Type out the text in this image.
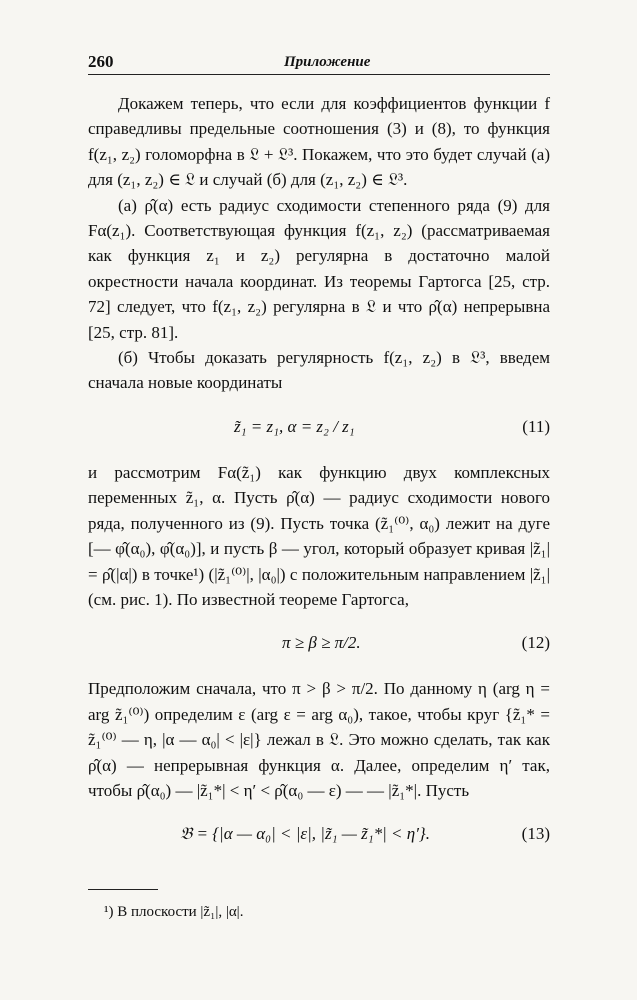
260	Приложение

Докажем теперь, что если для коэффициентов функции f справедливы предельные соотношения (3) и (8), то функция f(z₁, z₂) голоморфна в 𝔏 + 𝔏³. Покажем, что это будет случай (а) для (z₁, z₂) ∈ 𝔏 и случай (б) для (z₁, z₂) ∈ 𝔏³.

(а) ρ̂(α) есть радиус сходимости степенного ряда (9) для Fα(z₁). Соответствующая функция f(z₁, z₂) (рассматриваемая как функция z₁ и z₂) регулярна в достаточно малой окрестности начала координат. Из теоремы Гартогса [25, стр. 72] следует, что f(z₁, z₂) регулярна в 𝔏 и что ρ̂(α) непрерывна [25, стр. 81].

(б) Чтобы доказать регулярность f(z₁, z₂) в 𝔏³, введем сначала новые координаты

z̃₁ = z₁, α = z₂ / z₁	(11)

и рассмотрим Fα(z̃₁) как функцию двух комплексных переменных z̃₁, α. Пусть ρ̂(α) — радиус сходимости нового ряда, полученного из (9). Пусть точка (z̃₁⁽⁰⁾, α₀) лежит на дуге [— φ̂(α₀), φ̂(α₀)], и пусть β — угол, который образует кривая |z̃₁| = ρ̂(|α|) в точке¹) (|z̃₁⁽⁰⁾|, |α₀|) с положительным направлением |z̃₁| (см. рис. 1). По известной теореме Гартогса,

π ≥ β ≥ π/2.	(12)

Предположим сначала, что π > β > π/2. По данному η (arg η = arg z̃₁⁽⁰⁾) определим ε (arg ε = arg α₀), такое, чтобы круг {z̃₁* = z̃₁⁽⁰⁾ — η, |α — α₀| < |ε|} лежал в 𝔏. Это можно сделать, так как ρ̂(α) — непрерывная функция α. Далее, определим η′ так, чтобы ρ̂(α₀) — |z̃₁*| < η′ < ρ̂(α₀ — ε) — — |z̃₁*|. Пусть

𝔅 = {|α — α₀| < |ε|, |z̃₁ — z̃₁*| < η′}.	(13)
¹) В плоскости |z̃₁|, |α|.
